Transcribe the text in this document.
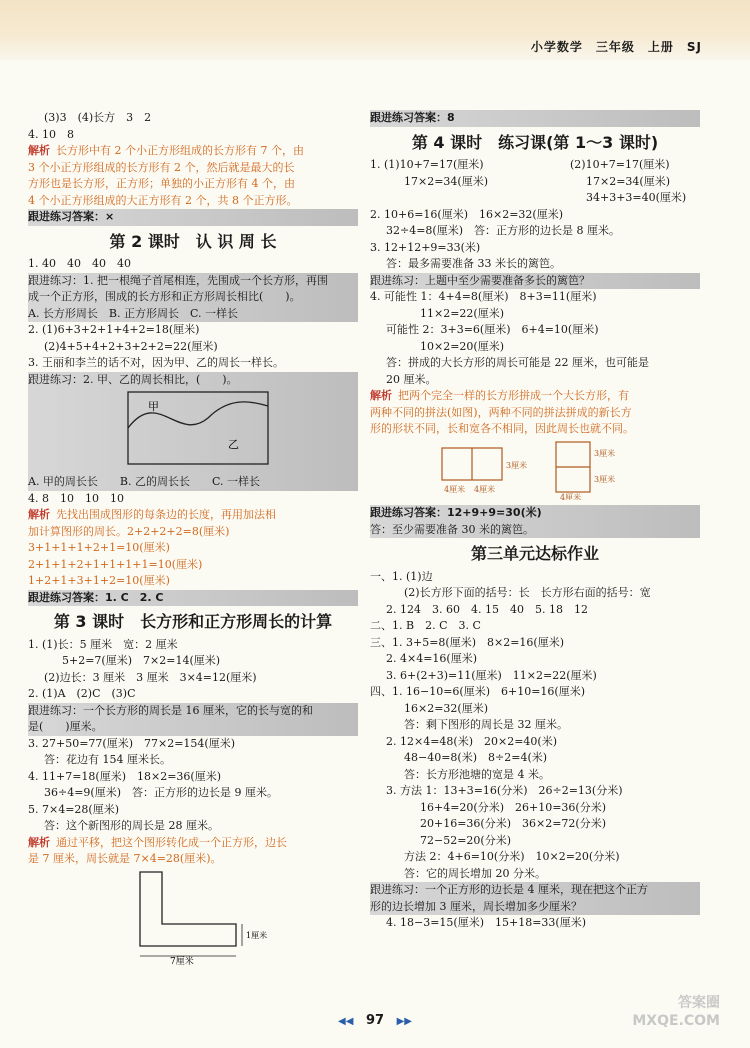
小学数学　三年级　上册　SJ
(3)3　(4)长方　3　2
4. 10　8
解析 长方形中有 2 个小正方形组成的长方形有 7 个，由
3 个小正方形组成的长方形有 2 个，然后就是最大的长
方形也是长方形，正方形；单独的小正方形有 4 个，由
4 个小正方形组成的大正方形有 2 个，共 8 个正方形。
跟进练习答案：×
第 2 课时　认 识 周 长
1. 40　40　40　40
跟进练习：1. 把一根绳子首尾相连，先围成一个长方形，再围
成一个正方形，围成的长方形和正方形周长相比(　　)。
A. 长方形周长　B. 正方形周长　C. 一样长
2. (1)6+3+2+1+4+2=18(厘米)
(2)4+5+4+2+3+2+2=22(厘米)
3. 王丽和李兰的话不对，因为甲、乙的周长一样长。
跟进练习：2. 甲、乙的周长相比，(　　)。
甲
乙
A. 甲的周长长　　B. 乙的周长长　　C. 一样长
4. 8　10　10　10
解析 先找出围成图形的每条边的长度，再用加法相
加计算图形的周长。2+2+2+2=8(厘米)
3+1+1+1+2+1=10(厘米)
2+1+1+2+1+1+1+1=10(厘米)
1+2+1+3+1+2=10(厘米)
跟进练习答案：1. C　2. C
第 3 课时　长方形和正方形周长的计算
1. (1)长：5 厘米　宽：2 厘米
5+2=7(厘米)　7×2=14(厘米)
(2)边长：3 厘米　3 厘米　3×4=12(厘米)
2. (1)A　(2)C　(3)C
跟进练习：一个长方形的周长是 16 厘米，它的长与宽的和
是(　　)厘米。
3. 27+50=77(厘米)　77×2=154(厘米)
答：花边有 154 厘米长。
4. 11+7=18(厘米)　18×2=36(厘米)
36÷4=9(厘米)　答：正方形的边长是 9 厘米。
5. 7×4=28(厘米)
答：这个新图形的周长是 28 厘米。
解析 通过平移，把这个图形转化成一个正方形，边长
是 7 厘米，周长就是 7×4=28(厘米)。
7厘米
1厘米
跟进练习答案：8
第 4 课时　练习课(第 1～3 课时)
1. (1)10+7=17(厘米)	(2)10+7=17(厘米)
17×2=34(厘米)	17×2=34(厘米)
34+3+3=40(厘米)

2. 10+6=16(厘米)　16×2=32(厘米)
32÷4=8(厘米)　答：正方形的边长是 8 厘米。
3. 12+12+9=33(米)
答：最多需要准备 33 米长的篱笆。
跟进练习：上题中至少需要准备多长的篱笆？
4. 可能性 1：4+4=8(厘米)　8+3=11(厘米)
11×2=22(厘米)
可能性 2：3+3=6(厘米)　6+4=10(厘米)
10×2=20(厘米)
答：拼成的大长方形的周长可能是 22 厘米，也可能是
20 厘米。
解析 把两个完全一样的长方形拼成一个大长方形，有
两种不同的拼法(如图)，两种不同的拼法拼成的新长方
形的形状不同，长和宽各不相同，因此周长也就不同。
4厘米 4厘米
3厘米
4厘米
3厘米
3厘米
跟进练习答案：12+9+9=30(米)
答：至少需要准备 30 米的篱笆。
第三单元达标作业
一、1. (1)边
(2)长方形下面的括号：长　长方形右面的括号：宽
2. 124　3. 60　4. 15　40　5. 18　12
二、1. B　2. C　3. C
三、1. 3+5=8(厘米)　8×2=16(厘米)
2. 4×4=16(厘米)
3. 6+(2+3)=11(厘米)　11×2=22(厘米)
四、1. 16−10=6(厘米)　6+10=16(厘米)
16×2=32(厘米)
答：剩下图形的周长是 32 厘米。
2. 12×4=48(米)　20×2=40(米)
48−40=8(米)　8÷2=4(米)
答：长方形池塘的宽是 4 米。
3. 方法 1：13+3=16(分米)　26÷2=13(分米)
16+4=20(分米)　26+10=36(分米)
20+16=36(分米)　36×2=72(分米)
72−52=20(分米)
方法 2：4+6=10(分米)　10×2=20(分米)
答：它的周长增加 20 分米。
跟进练习：一个正方形的边长是 4 厘米，现在把这个正方
形的边长增加 3 厘米，周长增加多少厘米？
4. 18−3=15(厘米)　15+18=33(厘米)
◀◀ 97 ▶▶
答案圈
MXQE.COM
